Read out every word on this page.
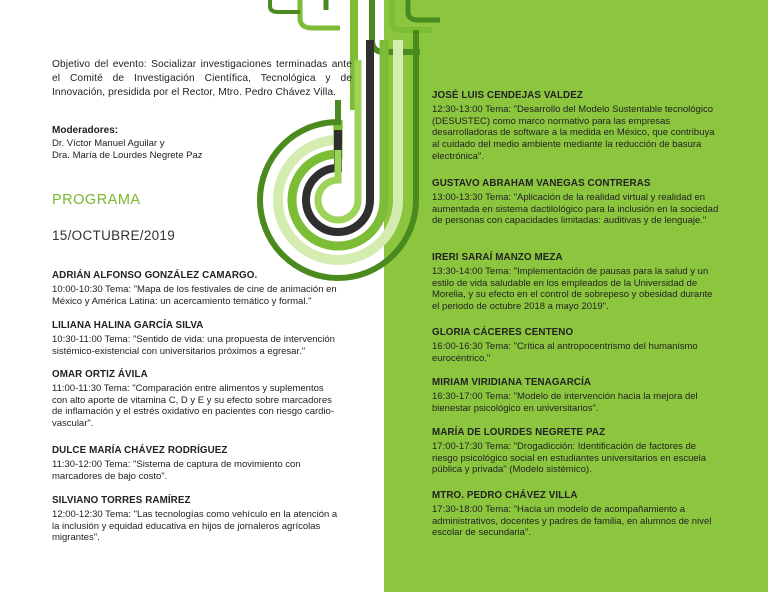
Objetivo del evento: Socializar investigaciones terminadas ante el Comité de Investigación Científica, Tecnológica y de Innovación, presidida por el Rector, Mtro. Pedro Chávez Villa.
Moderadores:
Dr. Víctor Manuel Aguilar y
Dra. María de Lourdes Negrete Paz
PROGRAMA
15/OCTUBRE/2019
ADRIÁN ALFONSO GONZÁLEZ CAMARGO.
10:00-10:30 Tema: "Mapa de los festivales de cine de animación en México y América Latina: un acercamiento temático y formal."
LILIANA HALINA GARCÍA SILVA
10:30-11:00 Tema: "Sentido de vida: una propuesta de intervención sistémico-existencial con universitarios próximos a egresar."
OMAR ORTIZ ÁVILA
11:00-11:30 Tema: "Comparación entre alimentos y suplementos con alto aporte de vitamina C, D y E y su efecto sobre marcadores de inflamación y el estrés oxidativo en pacientes con riesgo cardio-vascular".
DULCE MARÍA CHÁVEZ RODRÍGUEZ
11:30-12:00 Tema: "Sistema de captura de movimiento con marcadores de bajo costo".
SILVIANO TORRES RAMÍREZ
12:00-12:30 Tema: "Las tecnologías como vehículo en la atención a la inclusión y equidad educativa en hijos de jornaleros agrícolas migrantes".
JOSÉ LUIS CENDEJAS VALDEZ
12:30-13:00 Tema: "Desarrollo del Modelo Sustentable tecnológico (DESUSTEC) como marco normativo para las empresas desarrolladoras de software a la medida en México, que contribuya al cuidado del medio ambiente mediante la reducción de basura electrónica".
GUSTAVO ABRAHAM VANEGAS CONTRERAS
13:00-13:30 Tema: "Aplicación de la realidad virtual y realidad en aumentada en sistema dactilológico para la inclusión en la sociedad de personas con capacidades limitadas: auditivas y de lenguaje."
IRERI SARAÍ MANZO MEZA
13:30-14:00 Tema: "Implementación de pausas para la salud y un estilo de vida saludable en los empleados de la Universidad de Morelia, y su efecto en el control de sobrepeso y obesidad durante el periodo de octubre 2018 a mayo 2019".
GLORIA CÁCERES CENTENO
16:00-16:30 Tema: "Crítica al antropocentrismo del humanismo eurocéntrico."
MIRIAM VIRIDIANA TENAGARCÍA
16:30-17:00 Tema: "Modelo de intervención hacia la mejora del bienestar psicológico en universitarios".
MARÍA DE LOURDES NEGRETE PAZ
17:00-17:30 Tema: "Drogadicción: Identificación de factores de riesgo psicológico social en estudiantes universitarios en escuela pública y privada" (Modelo sistémico).
MTRO. PEDRO CHÁVEZ VILLA
17:30-18:00 Tema: "Hacia un modelo de acompañamiento a administrativos, docentes y padres de familia, en alumnos de nivel escolar de secundaria".
